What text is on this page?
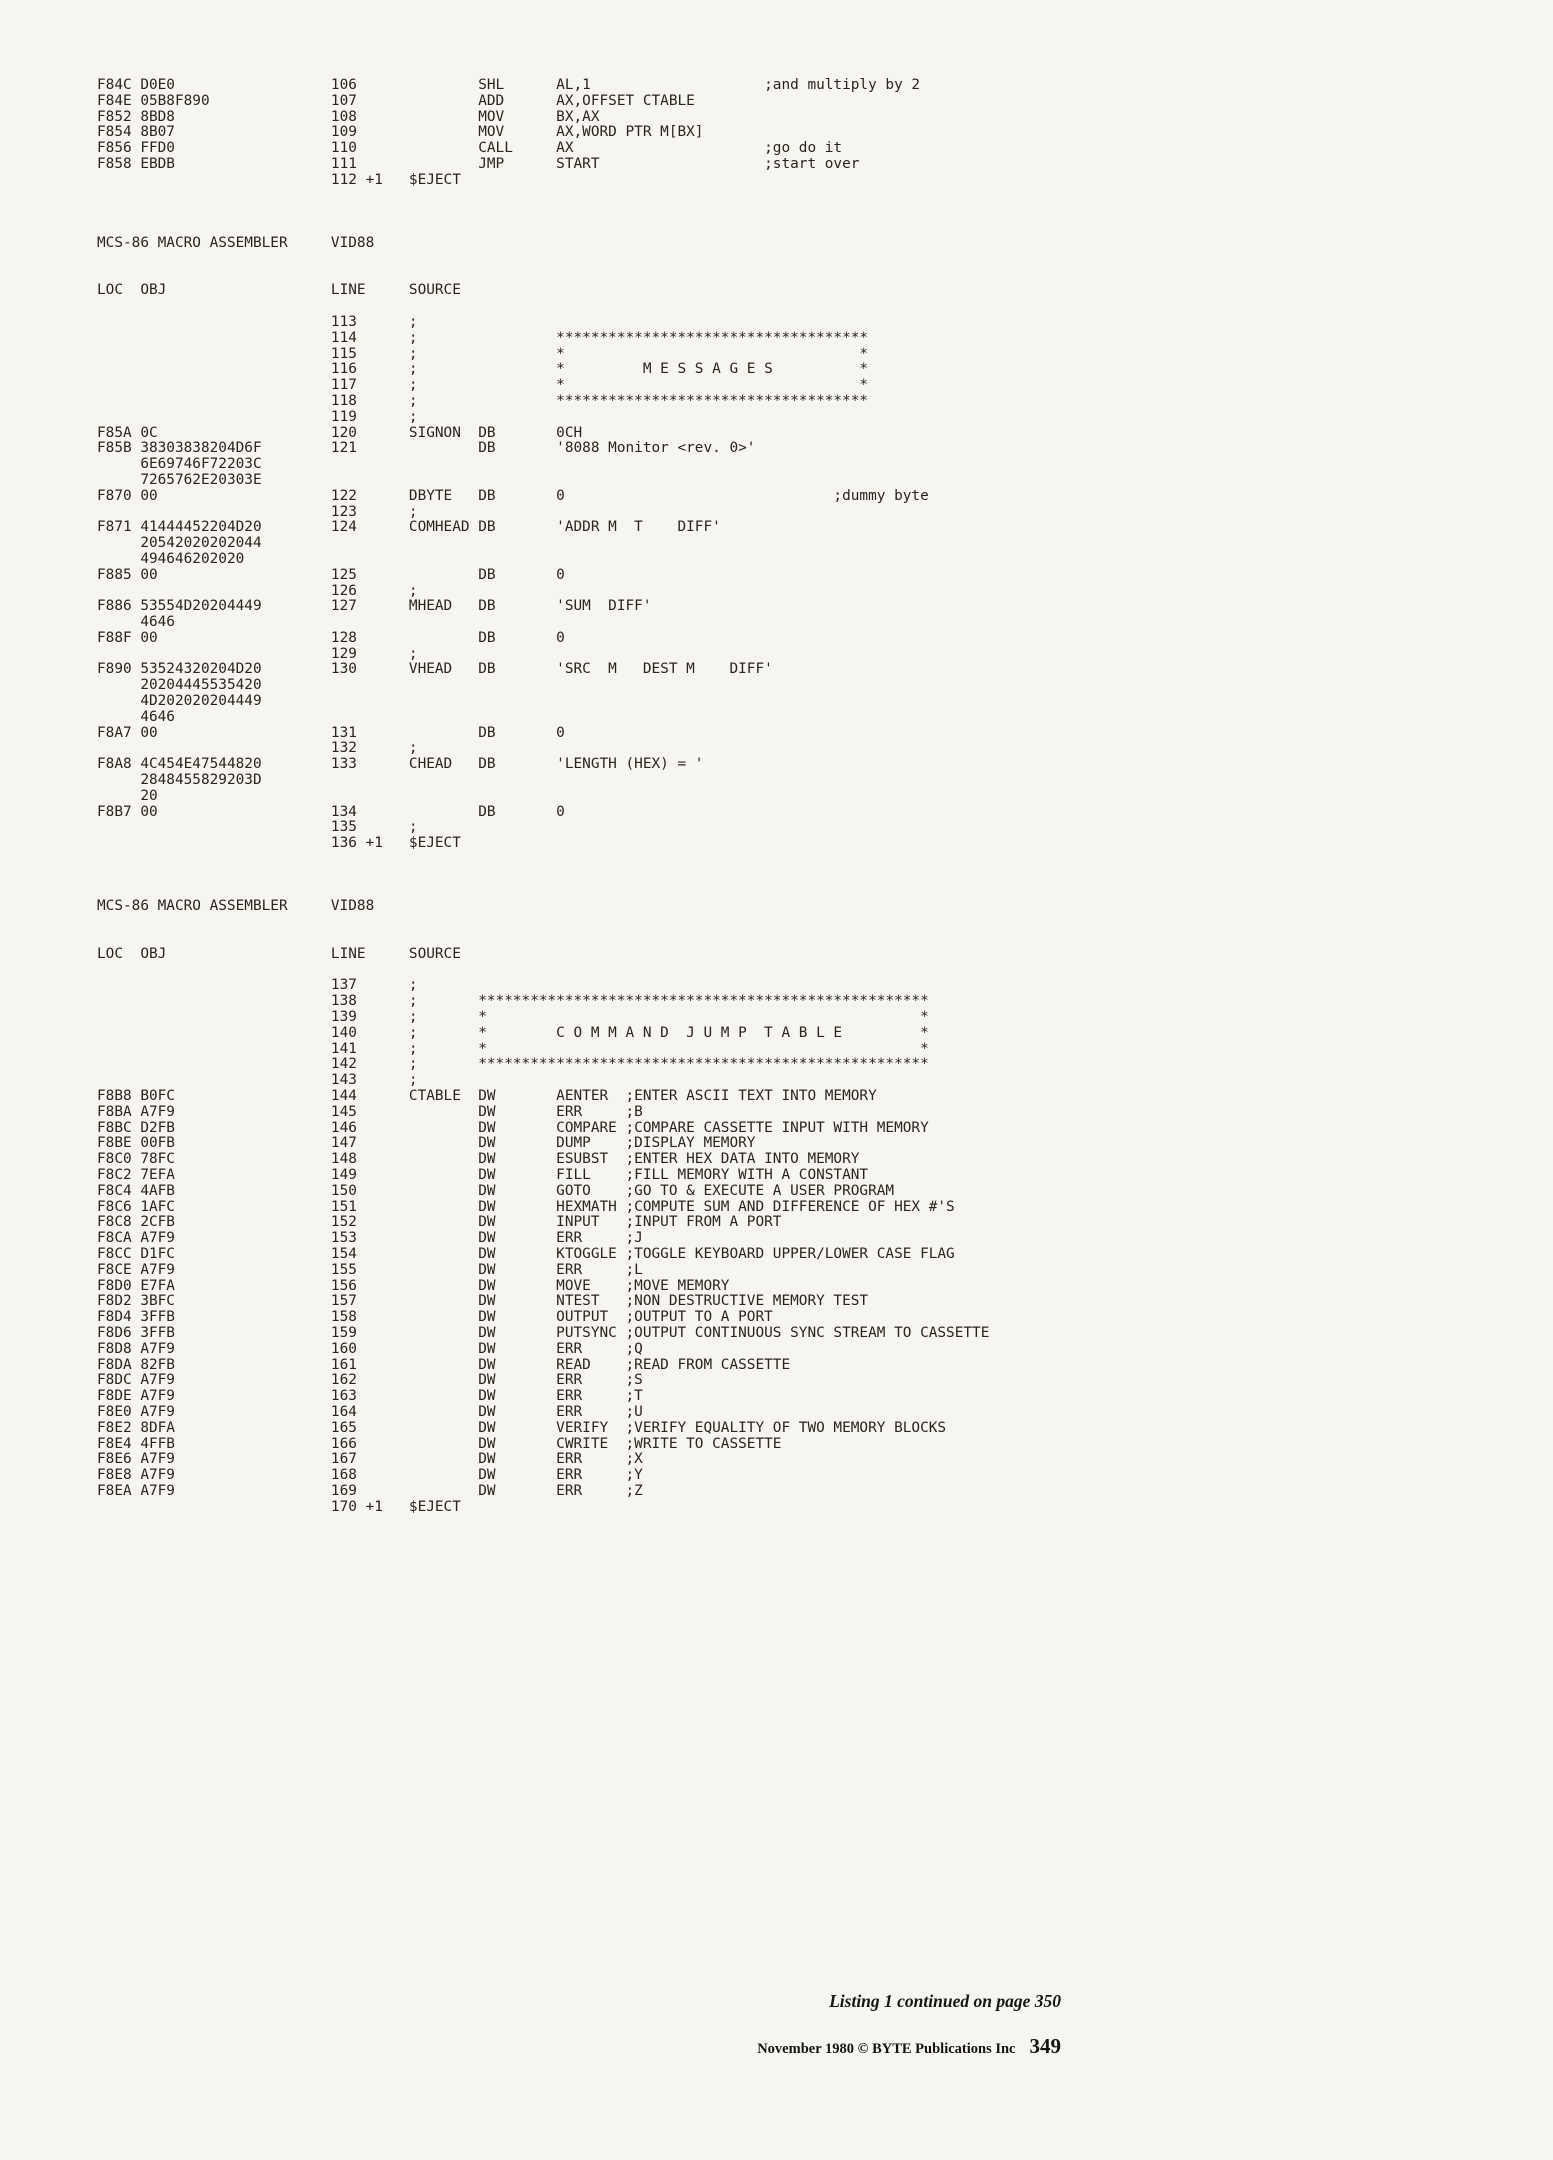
F84C D0E0                  106              SHL      AL,1                    ;and multiply by 2
F84E 05B8F890              107              ADD      AX,OFFSET CTABLE
F852 8BD8                  108              MOV      BX,AX
F854 8B07                  109              MOV      AX,WORD PTR M[BX]
F856 FFD0                  110              CALL     AX                      ;go do it
F858 EBDB                  111              JMP      START                   ;start over
112 +1   $EJECT

MCS-86 MACRO ASSEMBLER     VID88

LOC  OBJ                   LINE     SOURCE

113      ;
114      ;                ************************************
115      ;                *                                  *
116      ;                *         M E S S A G E S          *
117      ;                *                                  *
118      ;                ************************************
119      ;
F85A 0C                    120      SIGNON  DB       0CH
F85B 38303838204D6F        121              DB       '8088 Monitor <rev. 0>'
6E69746F72203C
7265762E20303E
F870 00                    122      DBYTE   DB       0                               ;dummy byte
123      ;
F871 41444452204D20        124      COMHEAD DB       'ADDR M  T    DIFF'
20542020202044
494646202020
F885 00                    125              DB       0
126      ;
F886 53554D20204449        127      MHEAD   DB       'SUM  DIFF'
4646
F88F 00                    128              DB       0
129      ;
F890 53524320204D20        130      VHEAD   DB       'SRC  M   DEST M    DIFF'
20204445535420
4D202020204449
4646
F8A7 00                    131              DB       0
132      ;
F8A8 4C454E47544820        133      CHEAD   DB       'LENGTH (HEX) = '
2848455829203D
20
F8B7 00                    134              DB       0
135      ;
136 +1   $EJECT

MCS-86 MACRO ASSEMBLER     VID88

LOC  OBJ                   LINE     SOURCE

137      ;
138      ;       ****************************************************
139      ;       *                                                  *
140      ;       *        C O M M A N D  J U M P  T A B L E         *
141      ;       *                                                  *
142      ;       ****************************************************
143      ;
F8B8 B0FC                  144      CTABLE  DW       AENTER  ;ENTER ASCII TEXT INTO MEMORY
F8BA A7F9                  145              DW       ERR     ;B
F8BC D2FB                  146              DW       COMPARE ;COMPARE CASSETTE INPUT WITH MEMORY
F8BE 00FB                  147              DW       DUMP    ;DISPLAY MEMORY
F8C0 78FC                  148              DW       ESUBST  ;ENTER HEX DATA INTO MEMORY
F8C2 7EFA                  149              DW       FILL    ;FILL MEMORY WITH A CONSTANT
F8C4 4AFB                  150              DW       GOTO    ;GO TO & EXECUTE A USER PROGRAM
F8C6 1AFC                  151              DW       HEXMATH ;COMPUTE SUM AND DIFFERENCE OF HEX #'S
F8C8 2CFB                  152              DW       INPUT   ;INPUT FROM A PORT
F8CA A7F9                  153              DW       ERR     ;J
F8CC D1FC                  154              DW       KTOGGLE ;TOGGLE KEYBOARD UPPER/LOWER CASE FLAG
F8CE A7F9                  155              DW       ERR     ;L
F8D0 E7FA                  156              DW       MOVE    ;MOVE MEMORY
F8D2 3BFC                  157              DW       NTEST   ;NON DESTRUCTIVE MEMORY TEST
F8D4 3FFB                  158              DW       OUTPUT  ;OUTPUT TO A PORT
F8D6 3FFB                  159              DW       PUTSYNC ;OUTPUT CONTINUOUS SYNC STREAM TO CASSETTE
F8D8 A7F9                  160              DW       ERR     ;Q
F8DA 82FB                  161              DW       READ    ;READ FROM CASSETTE
F8DC A7F9                  162              DW       ERR     ;S
F8DE A7F9                  163              DW       ERR     ;T
F8E0 A7F9                  164              DW       ERR     ;U
F8E2 8DFA                  165              DW       VERIFY  ;VERIFY EQUALITY OF TWO MEMORY BLOCKS
F8E4 4FFB                  166              DW       CWRITE  ;WRITE TO CASSETTE
F8E6 A7F9                  167              DW       ERR     ;X
F8E8 A7F9                  168              DW       ERR     ;Y
F8EA A7F9                  169              DW       ERR     ;Z
170 +1   $EJECT
Listing 1 continued on page 350
November 1980 © BYTE Publications Inc 349
